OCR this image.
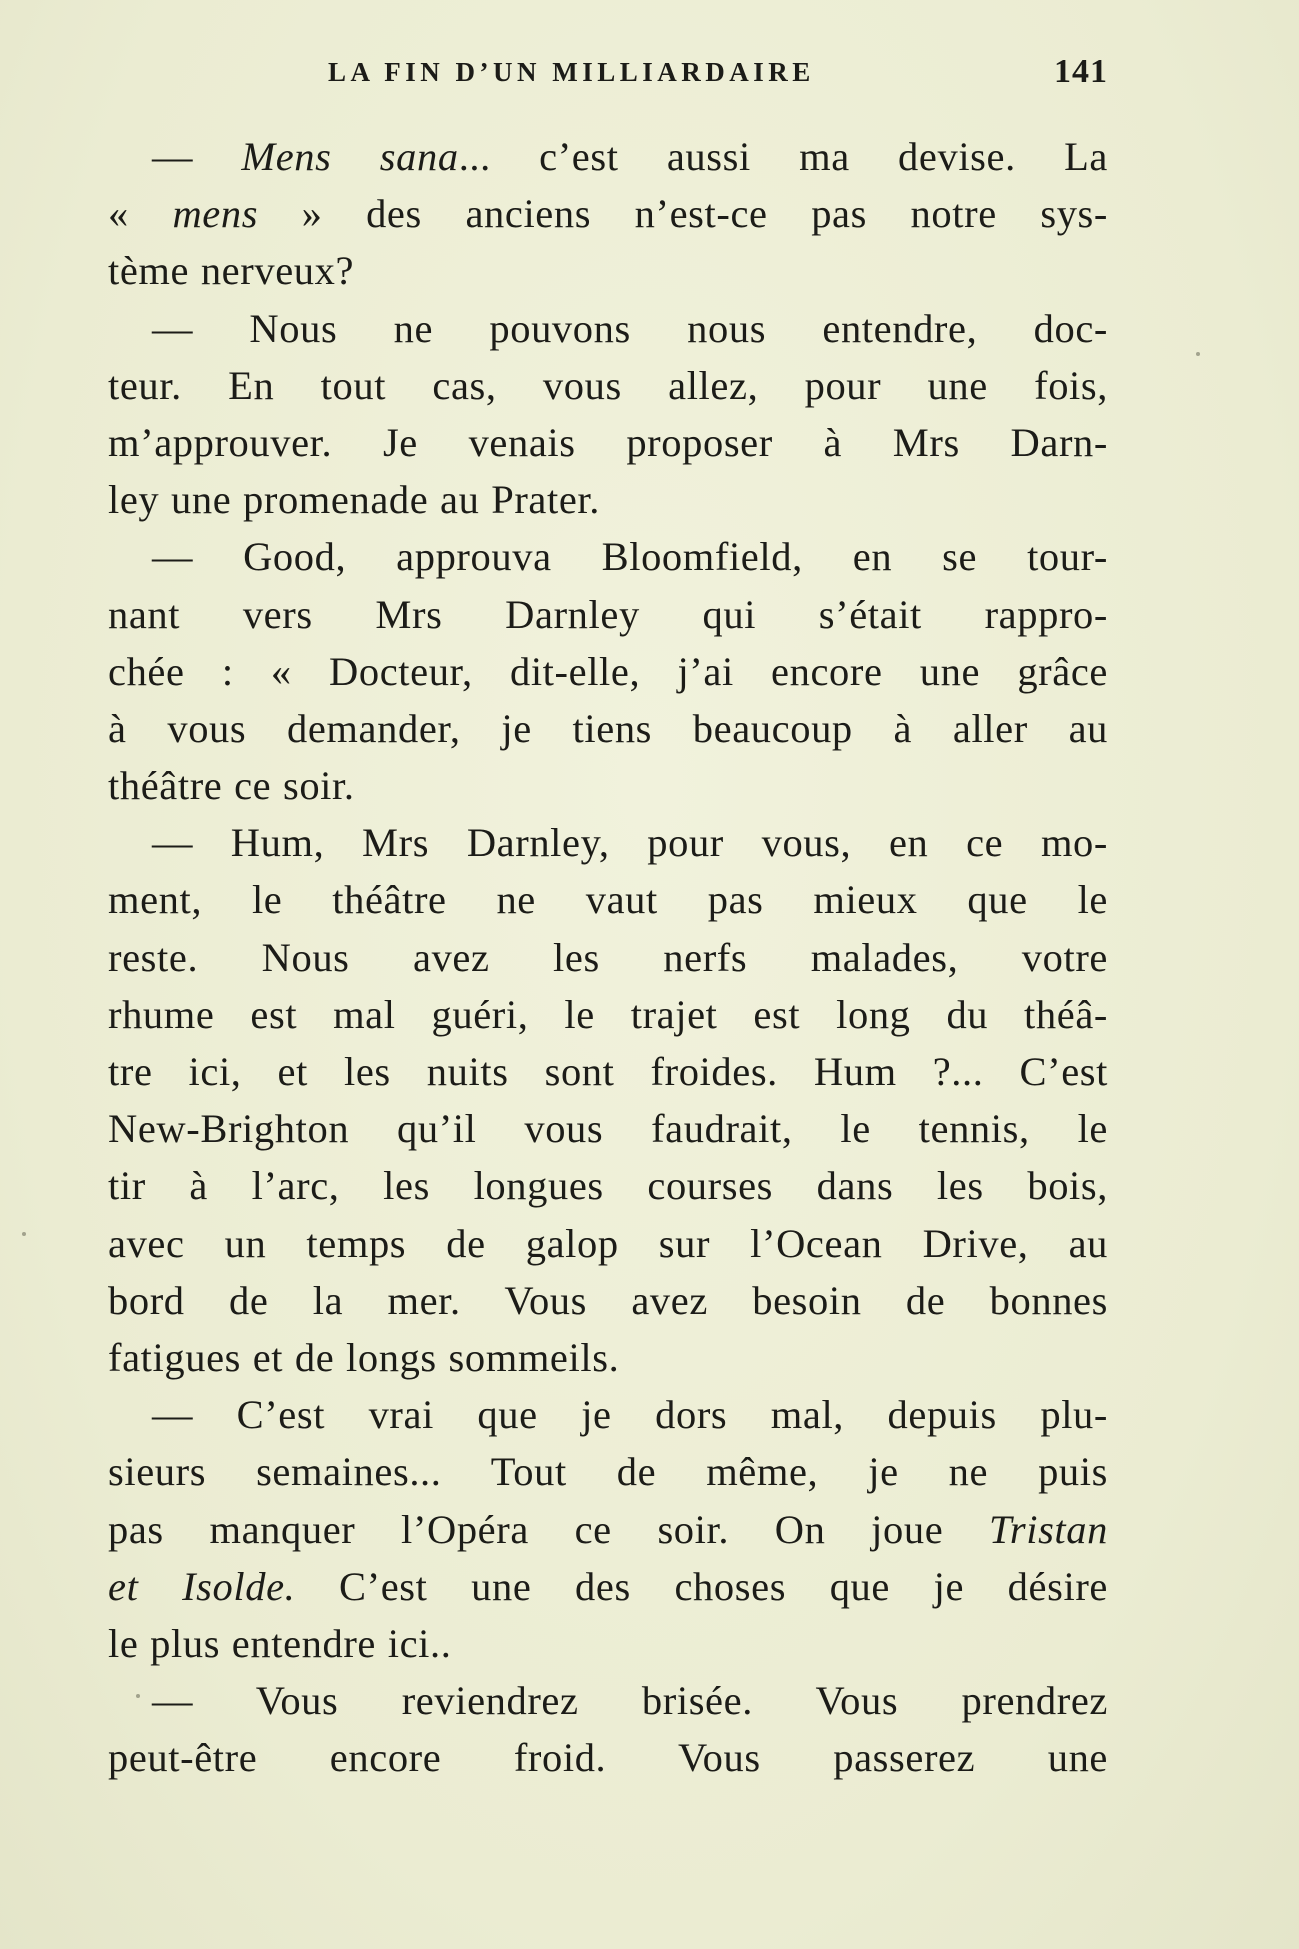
LA FIN D’UN MILLIARDAIRE	141
— Mens sana... c’est aussi ma devise. La
« mens » des anciens n’est-ce pas notre sys-
tème nerveux?
— Nous ne pouvons nous entendre, doc-
teur. En tout cas, vous allez, pour une fois,
m’approuver. Je venais proposer à Mrs Darn-
ley une promenade au Prater.
— Good, approuva Bloomfield, en se tour-
nant vers Mrs Darnley qui s’était rappro-
chée : « Docteur, dit-elle, j’ai encore une grâce
à vous demander, je tiens beaucoup à aller au
théâtre ce soir.
— Hum, Mrs Darnley, pour vous, en ce mo-
ment, le théâtre ne vaut pas mieux que le
reste. Nous avez les nerfs malades, votre
rhume est mal guéri, le trajet est long du théâ-
tre ici, et les nuits sont froides. Hum ?... C’est
New-Brighton qu’il vous faudrait, le tennis, le
tir à l’arc, les longues courses dans les bois,
avec un temps de galop sur l’Ocean Drive, au
bord de la mer. Vous avez besoin de bonnes
fatigues et de longs sommeils.
— C’est vrai que je dors mal, depuis plu-
sieurs semaines... Tout de même, je ne puis
pas manquer l’Opéra ce soir. On joue Tristan
et Isolde. C’est une des choses que je désire
le plus entendre ici..
— Vous reviendrez brisée. Vous prendrez
peut-être encore froid. Vous passerez une
